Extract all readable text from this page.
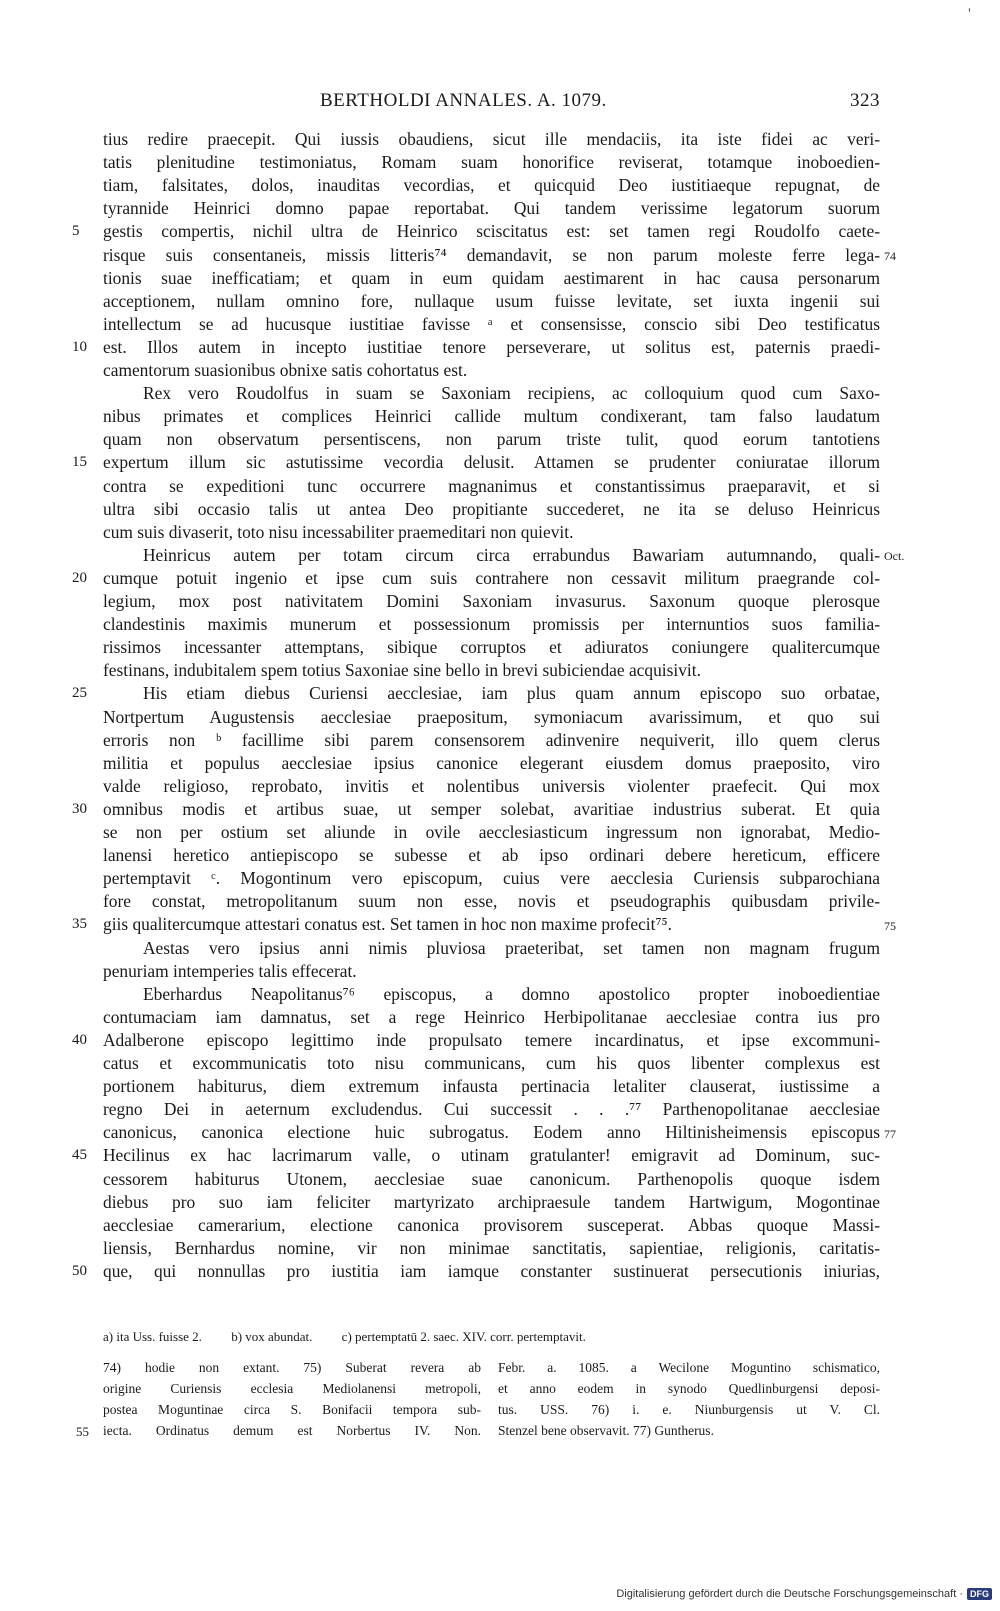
'
BERTHOLDI ANNALES. A. 1079.	323
tius redire praecepit. Qui iussis obaudiens, sicut ille mendaciis, ita iste fidei ac veri-
tatis plenitudine testimoniatus, Romam suam honorifice reviserat, totamque inoboedien-
tiam, falsitates, dolos, inauditas vecordias, et quicquid Deo iustitiaeque repugnat, de
tyrannide Heinrici domno papae reportabat. Qui tandem verissime legatorum suorum
gestis compertis, nichil ultra de Heinrico sciscitatus est: set tamen regi Roudolfo caete-
risque suis consentaneis, missis litteris⁷⁴ demandavit, se non parum moleste ferre lega-
tionis suae inefficatiam; et quam in eum quidam aestimarent in hac causa personarum
acceptionem, nullam omnino fore, nullaque usum fuisse levitate, set iuxta ingenii sui
intellectum se ad hucusque iustitiae favisse ᵃ et consensisse, conscio sibi Deo testificatus
est. Illos autem in incepto iustitiae tenore perseverare, ut solitus est, paternis praedi-
camentorum suasionibus obnixe satis cohortatus est.
Rex vero Roudolfus in suam se Saxoniam recipiens, ac colloquium quod cum Saxo-
nibus primates et complices Heinrici callide multum condixerant, tam falso laudatum
quam non observatum persentiscens, non parum triste tulit, quod eorum tantotiens
expertum illum sic astutissime vecordia delusit. Attamen se prudenter coniuratae illorum
contra se expeditioni tunc occurrere magnanimus et constantissimus praeparavit, et si
ultra sibi occasio talis ut antea Deo propitiante succederet, ne ita se deluso Heinricus
cum suis divaserit, toto nisu incessabiliter praemeditari non quievit.
Heinricus autem per totam circum circa errabundus Bawariam autumnando, quali-
cumque potuit ingenio et ipse cum suis contrahere non cessavit militum praegrande col-
legium, mox post nativitatem Domini Saxoniam invasurus. Saxonum quoque plerosque
clandestinis maximis munerum et possessionum promissis per internuntios suos familia-
rissimos incessanter attemptans, sibique corruptos et adiuratos coniungere qualitercumque
festinans, indubitalem spem totius Saxoniae sine bello in brevi subiciendae acquisivit.
His etiam diebus Curiensi aecclesiae, iam plus quam annum episcopo suo orbatae,
Nortpertum Augustensis aecclesiae praepositum, symoniacum avarissimum, et quo sui
erroris non ᵇ facillime sibi parem consensorem adinvenire nequiverit, illo quem clerus
militia et populus aecclesiae ipsius canonice elegerant eiusdem domus praeposito, viro
valde religioso, reprobato, invitis et nolentibus universis violenter praefecit. Qui mox
omnibus modis et artibus suae, ut semper solebat, avaritiae industrius suberat. Et quia
se non per ostium set aliunde in ovile aecclesiasticum ingressum non ignorabat, Medio-
lanensi heretico antiepiscopo se subesse et ab ipso ordinari debere hereticum, efficere
pertemptavit ᶜ. Mogontinum vero episcopum, cuius vere aecclesia Curiensis subparochiana
fore constat, metropolitanum suum non esse, novis et pseudographis quibusdam privile-
giis qualitercumque attestari conatus est. Set tamen in hoc non maxime profecit⁷⁵.
Aestas vero ipsius anni nimis pluviosa praeteribat, set tamen non magnam frugum
penuriam intemperies talis effecerat.
Eberhardus Neapolitanus⁷⁶ episcopus, a domno apostolico propter inoboedientiae
contumaciam iam damnatus, set a rege Heinrico Herbipolitanae aecclesiae contra ius pro
Adalberone episcopo legittimo inde propulsato temere incardinatus, et ipse excommuni-
catus et excommunicatis toto nisu communicans, cum his quos libenter complexus est
portionem habiturus, diem extremum infausta pertinacia letaliter clauserat, iustissime a
regno Dei in aeternum excludendus. Cui successit . . .⁷⁷ Parthenopolitanae aecclesiae
canonicus, canonica electione huic subrogatus. Eodem anno Hiltinisheimensis episcopus
Hecilinus ex hac lacrimarum valle, o utinam gratulanter! emigravit ad Dominum, suc-
cessorem habiturus Utonem, aecclesiae suae canonicum. Parthenopolis quoque isdem
diebus pro suo iam feliciter martyrizato archipraesule tandem Hartwigum, Mogontinae
aecclesiae camerarium, electione canonica provisorem susceperat. Abbas quoque Massi-
liensis, Bernhardus nomine, vir non minimae sanctitatis, sapientiae, religionis, caritatis-
que, qui nonnullas pro iustitia iam iamque constanter sustinuerat persecutionis iniurias,
5
10
15
20
25
30
35
40
45
50
74
Oct.
75
77
a) ita Uss. fuisse 2. b) vox abundat. c) pertemptatū 2. saec. XIV. corr. pertemptavit.
74) hodie non extant. 75) Suberat revera ab
origine Curiensis ecclesia Mediolanensi metropoli,
postea Moguntinae circa S. Bonifacii tempora sub-
iecta. Ordinatus demum est Norbertus IV. Non.
Febr. a. 1085. a Wecilone Moguntino schismatico,
et anno eodem in synodo Quedlinburgensi deposi-
tus. USS. 76) i. e. Niunburgensis ut V. Cl.
Stenzel bene observavit. 77) Guntherus.
55
Digitalisierung gefördert durch die Deutsche Forschungsgemeinschaft · DFG
